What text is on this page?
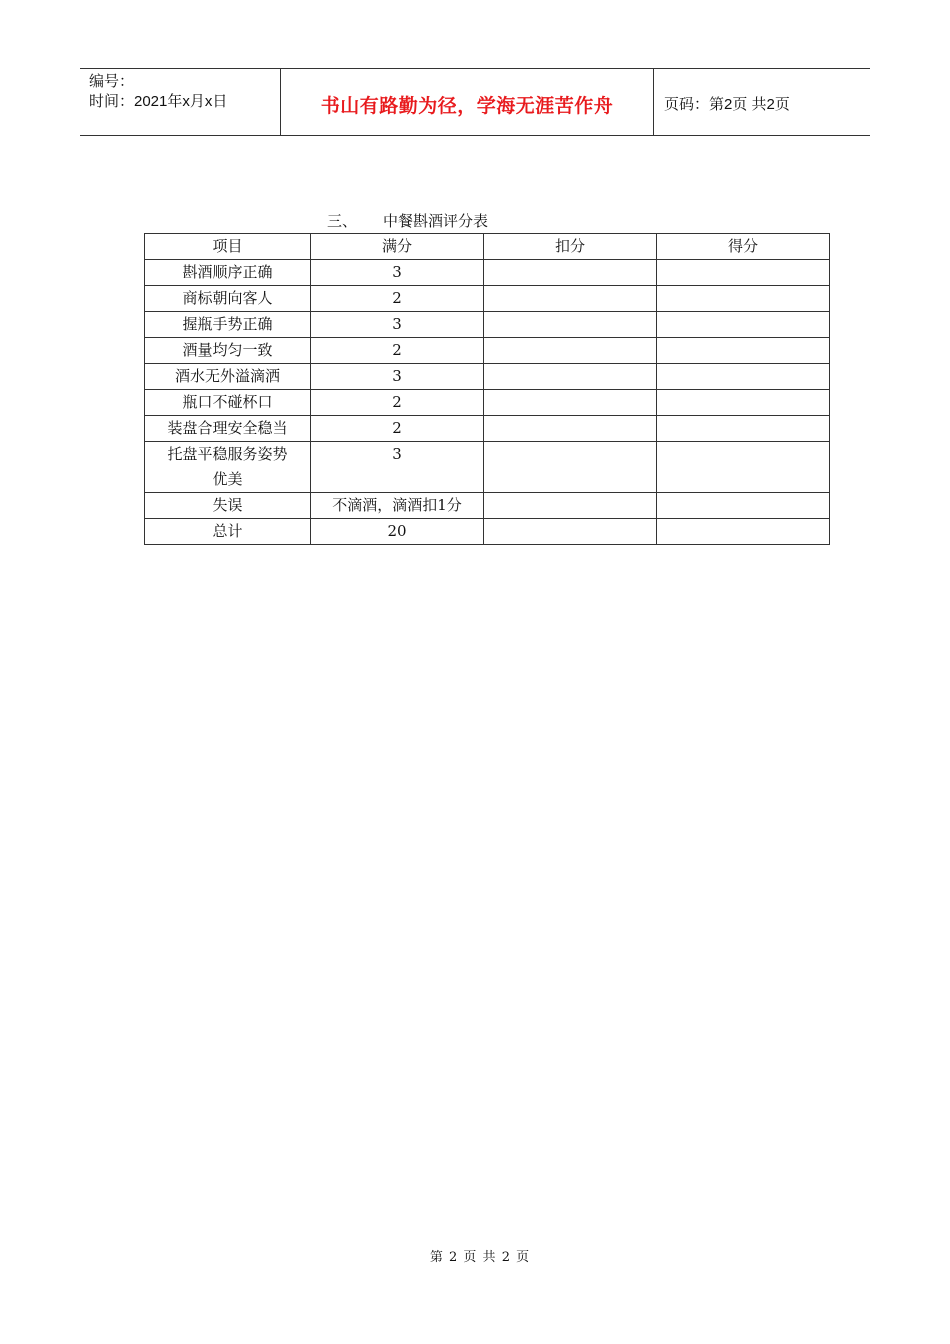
编号：
时间：2021年x月x日	书山有路勤为径，学海无涯苦作舟	页码：第2页 共2页
三、 中餐斟酒评分表
项目	满分	扣分	得分
斟酒顺序正确	3		
商标朝向客人	2		
握瓶手势正确	3		
酒量均匀一致	2		
酒水无外溢滴洒	3		
瓶口不碰杯口	2		
装盘合理安全稳当	2		

托盘平稳服务姿势
优美	3		
失误	不滴酒，滴酒扣1分		
总计	20		
第 2 页 共 2 页
